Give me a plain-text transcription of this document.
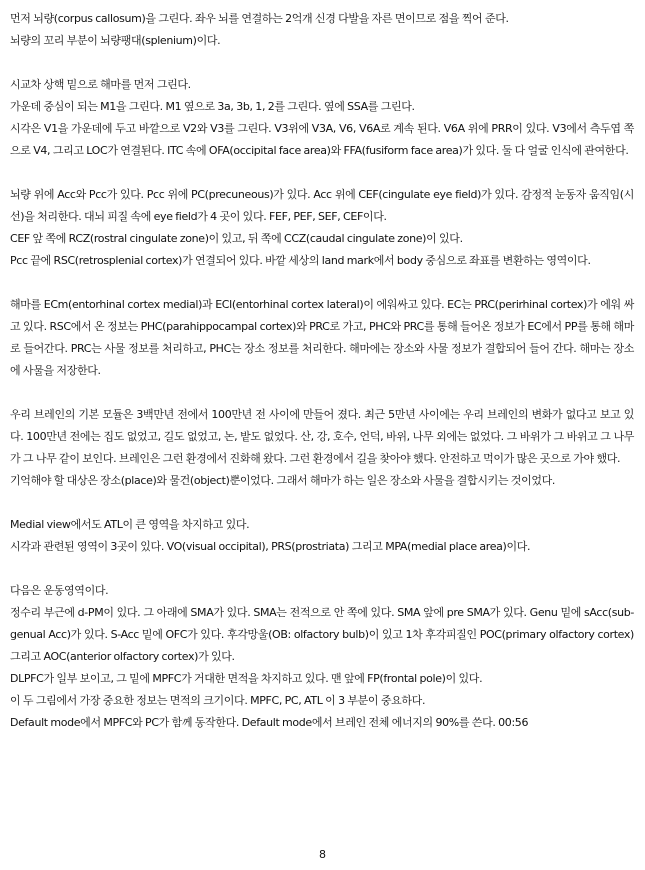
먼저 뇌량(corpus callosum)을 그린다. 좌우 뇌를 연결하는 2억개 신경 다발을 자른 면이므로 점을 찍어 준다.

뇌량의 꼬리 부분이 뇌량팽대(splenium)이다.

시교차 상핵 밑으로 해마를 먼저 그린다.

가운데 중심이 되는 M1을 그린다. M1 옆으로 3a, 3b, 1, 2를 그린다. 옆에 SSA를 그린다.

시각은 V1을 가운데에 두고 바깥으로 V2와 V3를 그린다. V3위에 V3A, V6, V6A로 계속 된다. V6A 위에 PRR이 있다. V3에서 측두엽 쪽으로 V4, 그리고 LOC가 연결된다. ITC 속에 OFA(occipital face area)와 FFA(fusiform face area)가 있다. 둘 다 얼굴 인식에 관여한다.

뇌량 위에 Acc와 Pcc가 있다. Pcc 위에 PC(precuneous)가 있다. Acc 위에 CEF(cingulate eye field)가 있다. 감정적 눈동자 움직임(시선)을 처리한다. 대뇌 피질 속에 eye field가 4 곳이 있다. FEF, PEF, SEF, CEF이다.

CEF 앞 쪽에 RCZ(rostral cingulate zone)이 있고, 뒤 쪽에 CCZ(caudal cingulate zone)이 있다.

Pcc 끝에 RSC(retrosplenial cortex)가 연결되어 있다. 바깥 세상의 land mark에서 body 중심으로 좌표를 변환하는 영역이다.

해마를 ECm(entorhinal cortex medial)과 ECl(entorhinal cortex lateral)이 에워싸고 있다. EC는 PRC(perirhinal cortex)가 에워 싸고 있다. RSC에서 온 정보는 PHC(parahippocampal cortex)와 PRC로 가고, PHC와 PRC를 통해 들어온 정보가 EC에서 PP를 통해 해마로 들어간다. PRC는 사물 정보를 처리하고, PHC는 장소 정보를 처리한다. 해마에는 장소와 사물 정보가 결합되어 들어 간다. 해마는 장소에 사물을 저장한다.

우리 브레인의 기본 모듈은 3백만년 전에서 100만년 전 사이에 만들어 졌다. 최근 5만년 사이에는 우리 브레인의 변화가 없다고 보고 있다. 100만년 전에는 집도 없었고, 길도 없었고, 논, 밭도 없었다. 산, 강, 호수, 언덕, 바위, 나무 외에는 없었다. 그 바위가 그 바위고 그 나무가 그 나무 같이 보인다. 브레인은 그런 환경에서 진화해 왔다. 그런 환경에서 길을 찾아야 했다. 안전하고 먹이가 많은 곳으로 가야 했다.

기억해야 할 대상은 장소(place)와 물건(object)뿐이었다. 그래서 해마가 하는 일은 장소와 사물을 결합시키는 것이었다.

Medial view에서도 ATL이 큰 영역을 차지하고 있다.

시각과 관련된 영역이 3곳이 있다. VO(visual occipital), PRS(prostriata) 그리고 MPA(medial place area)이다.

다음은 운동영역이다.

정수리 부근에 d-PM이 있다. 그 아래에 SMA가 있다. SMA는 전적으로 안 쪽에 있다. SMA 앞에 pre SMA가 있다. Genu 밑에 sAcc(sub-genual Acc)가 있다. S-Acc 밑에 OFC가 있다. 후각망울(OB: olfactory bulb)이 있고 1차 후각피질인 POC(primary olfactory cortex)그리고 AOC(anterior olfactory cortex)가 있다.

DLPFC가 일부 보이고, 그 밑에 MPFC가 거대한 면적을 차지하고 있다. 맨 앞에 FP(frontal pole)이 있다.

이 두 그림에서 가장 중요한 정보는 면적의 크기이다. MPFC, PC, ATL 이 3 부분이 중요하다.

Default mode에서 MPFC와 PC가 함께 동작한다. Default mode에서 브레인 전체 에너지의 90%를 쓴다. 00:56

8
